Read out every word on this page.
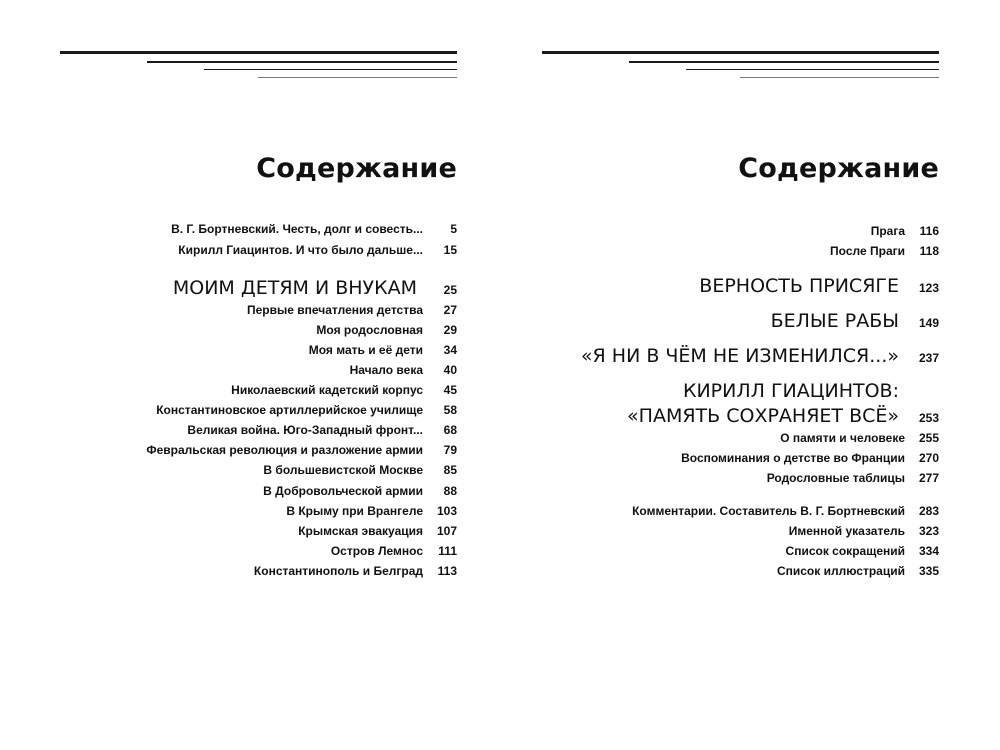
Содержание
В. Г. Бортневский. Честь, долг и совесть...	5
Кирилл Гиацинтов. И что было дальше...	15
МОИМ ДЕТЯМ И ВНУКАМ	25
Первые впечатления детства	27
Моя родословная	29
Моя мать и её дети	34
Начало века	40
Николаевский кадетский корпус	45
Константиновское артиллерийское училище	58
Великая война. Юго-Западный фронт...	68
Февральская революция и разложение армии	79
В большевистской Москве	85
В Добровольческой армии	88
В Крыму при Врангеле	103
Крымская эвакуация	107
Остров Лемнос	111
Константинополь и Белград	113
Содержание
Прага	116
После Праги	118
ВЕРНОСТЬ ПРИСЯГЕ	123
БЕЛЫЕ РАБЫ	149
«Я НИ В ЧЁМ НЕ ИЗМЕНИЛСЯ...»	237
КИРИЛЛ ГИАЦИНТОВ:
«ПАМЯТЬ СОХРАНЯЕТ ВСЁ»	253
О памяти и человеке	255
Воспоминания о детстве во Франции	270
Родословные таблицы	277
Комментарии. Составитель В. Г. Бортневский	283
Именной указатель	323
Список сокращений	334
Список иллюстраций	335
